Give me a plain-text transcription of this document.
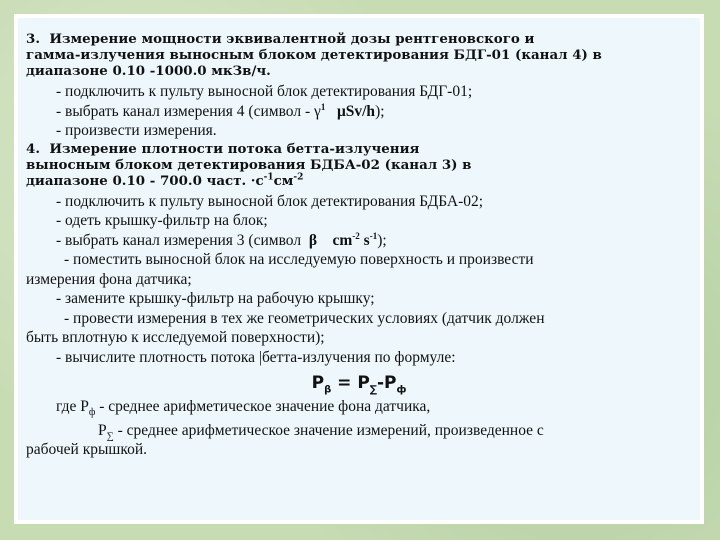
3. Измерение мощности эквивалентной дозы рентгеновского и

гамма-излучения выносным блоком детектирования БДГ-01 (канал 4) в

диапазоне 0.10 -1000.0 мкЗв/ч.

- подключить к пульту выносной блок детектирования БДГ-01;

- выбрать канал измерения 4 (символ - $\gamma^1$ μSv/h);

- произвести измерения.

4. Измерение плотности потока бетта-излучения

выносным блоком детектирования БДБА-02 (канал 3) в

диапазоне 0.10 - 700.0 част. $\cdot с^{-1}см^{-2}$

- подключить к пульту выносной блок детектирования БДБА-02;

- одеть крышку-фильтр на блок;

- выбрать канал измерения 3 (символ β $cm^{-2}$ $s^{-1}$);

- поместить выносной блок на исследуемую поверхность и произвести

измерения фона датчика;

- замените крышку-фильтр на рабочую крышку;

- провести измерения в тех же геометрических условиях (датчик должен

быть вплотную к исследуемой поверхности);

- вычислите плотность потока |бетта-излучения по формуле:

$P_\beta = P_\sum-P_ф$

где $P_ф$ - среднее арифметическое значение фона датчика,

$P_\sum$ - среднее арифметическое значение измерений, произведенное с

рабочей крышкой.
